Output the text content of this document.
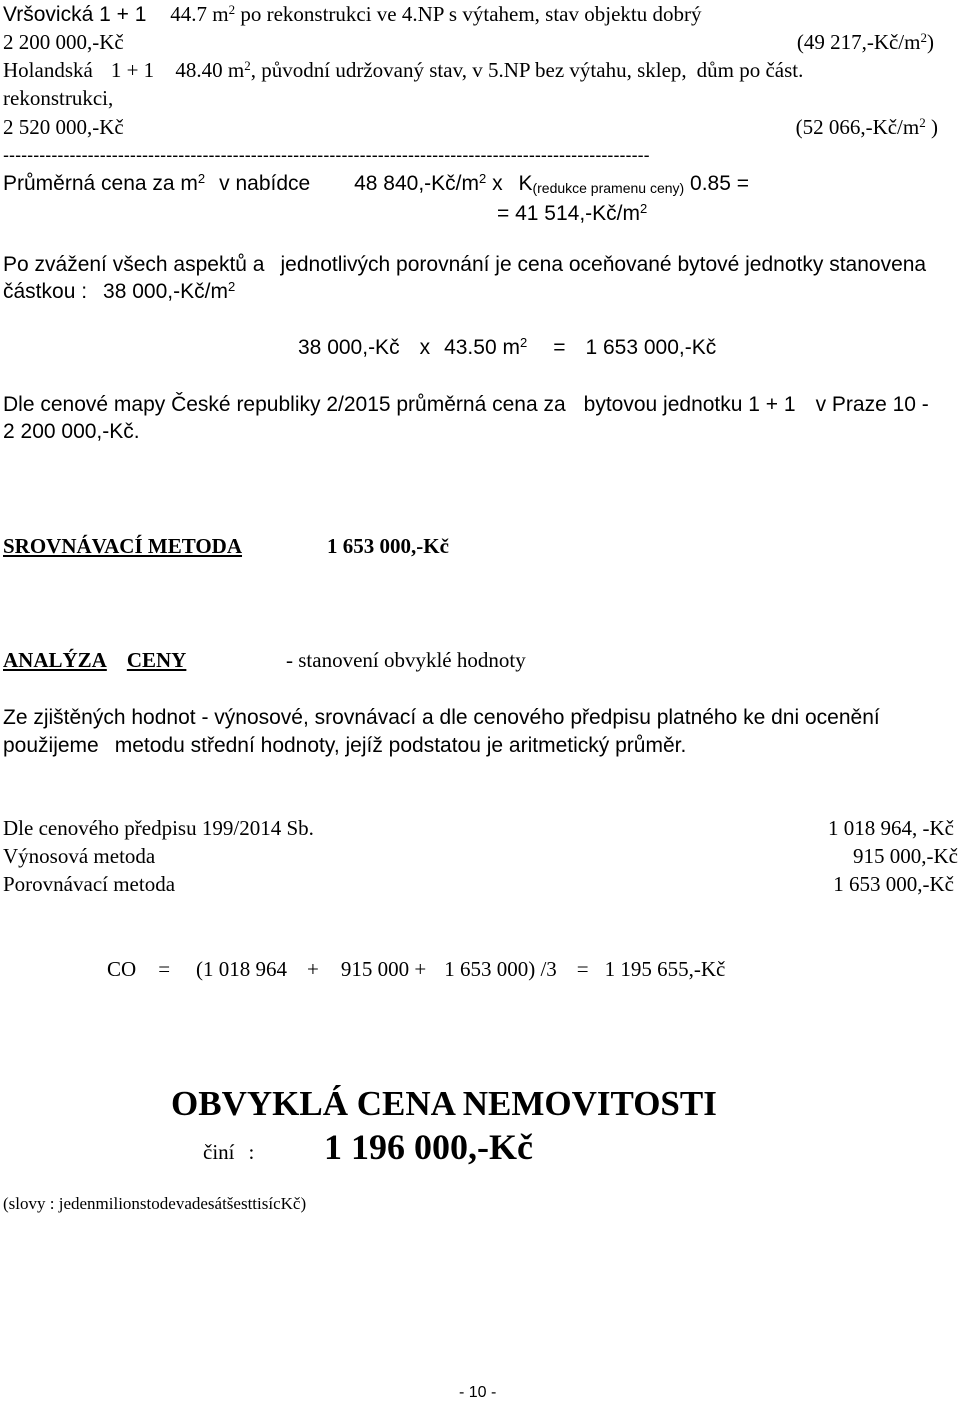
Vršovická 1 + 1 44.7 $m^2$ po rekonstrukci ve 4.NP s výtahem, stav objektu dobrý
2 200 000,-Kč	(49 $217,-Kč/m^2$)
Holandská 1 + 1 48.40 $m^2$, původní udržovaný stav, v 5.NP bez výtahu, sklep, dům po část.
rekonstrukci,
2 520 000,-Kč	(52 $066,-Kč/m^2$ )
-----------------------------------------------------------------------------------------------------------
Průměrná cena za $m^2$ v nabídce 48 $840,-Kč/m^2$ x $K_{(redukce pramenu ceny)}$ 0.85 =
= 41 $514,-Kč/m^2$
Po zvážení všech aspektů a jednotlivých porovnání je cena oceňované bytové jednotky stanovena
částkou : 38 $000,-Kč/m^2$
38 000,-Kč x 43.50 $m^2 = 1$ 653 000,-Kč
Dle cenové mapy České republiky 2/2015 průměrná cena za bytovou jednotku 1 + 1 v Praze 10 -
2 200 000,-Kč.
SROVNÁVACÍ METODA	1 653 000,-Kč
ANALÝZA CENY	- stanovení obvyklé hodnoty
Ze zjištěných hodnot - výnosové, srovnávací a dle cenového předpisu platného ke dni ocenění
použijeme metodu střední hodnoty, jejíž podstatou je aritmetický průměr.
Dle cenového předpisu 199/2014 Sb.	1 018 964, -Kč
Výnosová metoda	915 000,-Kč
Porovnávací metoda	1 653 000,-Kč
CO = (1 018 964 + 915 000 + 1 653 000) /3 = 1 195 655,-Kč
OBVYKLÁ CENA NEMOVITOSTI
činí : 1 196 000,-Kč
(slovy : jedenmilionstodevadesátšesttisícKč)
- 10 -
